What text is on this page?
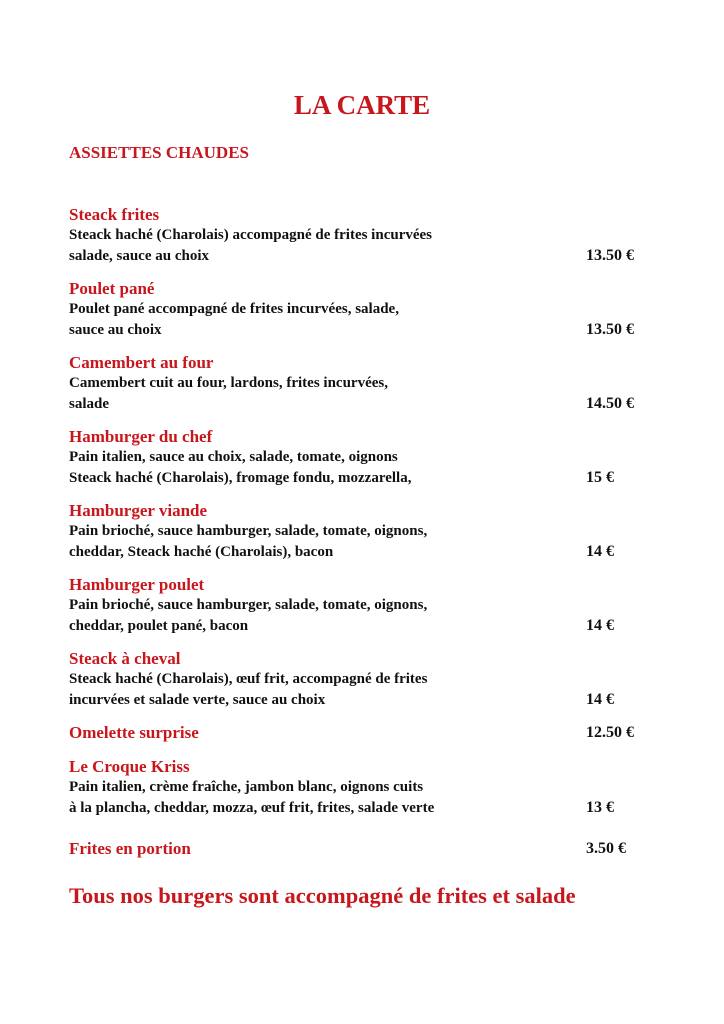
LA CARTE
ASSIETTES CHAUDES
Steack frites
Steack haché (Charolais) accompagné de frites incurvées
salade, sauce au choix	13.50 €
Poulet pané
Poulet pané accompagné de frites incurvées, salade,
sauce au choix	13.50 €
Camembert au four
Camembert cuit au four, lardons, frites incurvées,
salade	14.50 €
Hamburger du chef
Pain italien, sauce au choix, salade, tomate, oignons
Steack haché (Charolais), fromage fondu, mozzarella,	15 €
Hamburger viande
Pain brioché, sauce hamburger, salade, tomate, oignons,
cheddar, Steack haché (Charolais), bacon	14 €
Hamburger poulet
Pain brioché, sauce hamburger, salade, tomate, oignons,
cheddar, poulet pané, bacon	14 €
Steack à cheval
Steack haché (Charolais), œuf frit, accompagné de frites
incurvées et salade verte, sauce au choix	14 €
Omelette surprise	12.50 €
Le Croque Kriss
Pain italien, crème fraîche, jambon blanc, oignons cuits
à la plancha, cheddar, mozza, œuf frit, frites, salade verte	13 €
Frites en portion	3.50 €
Tous nos burgers sont accompagné de frites et salade
